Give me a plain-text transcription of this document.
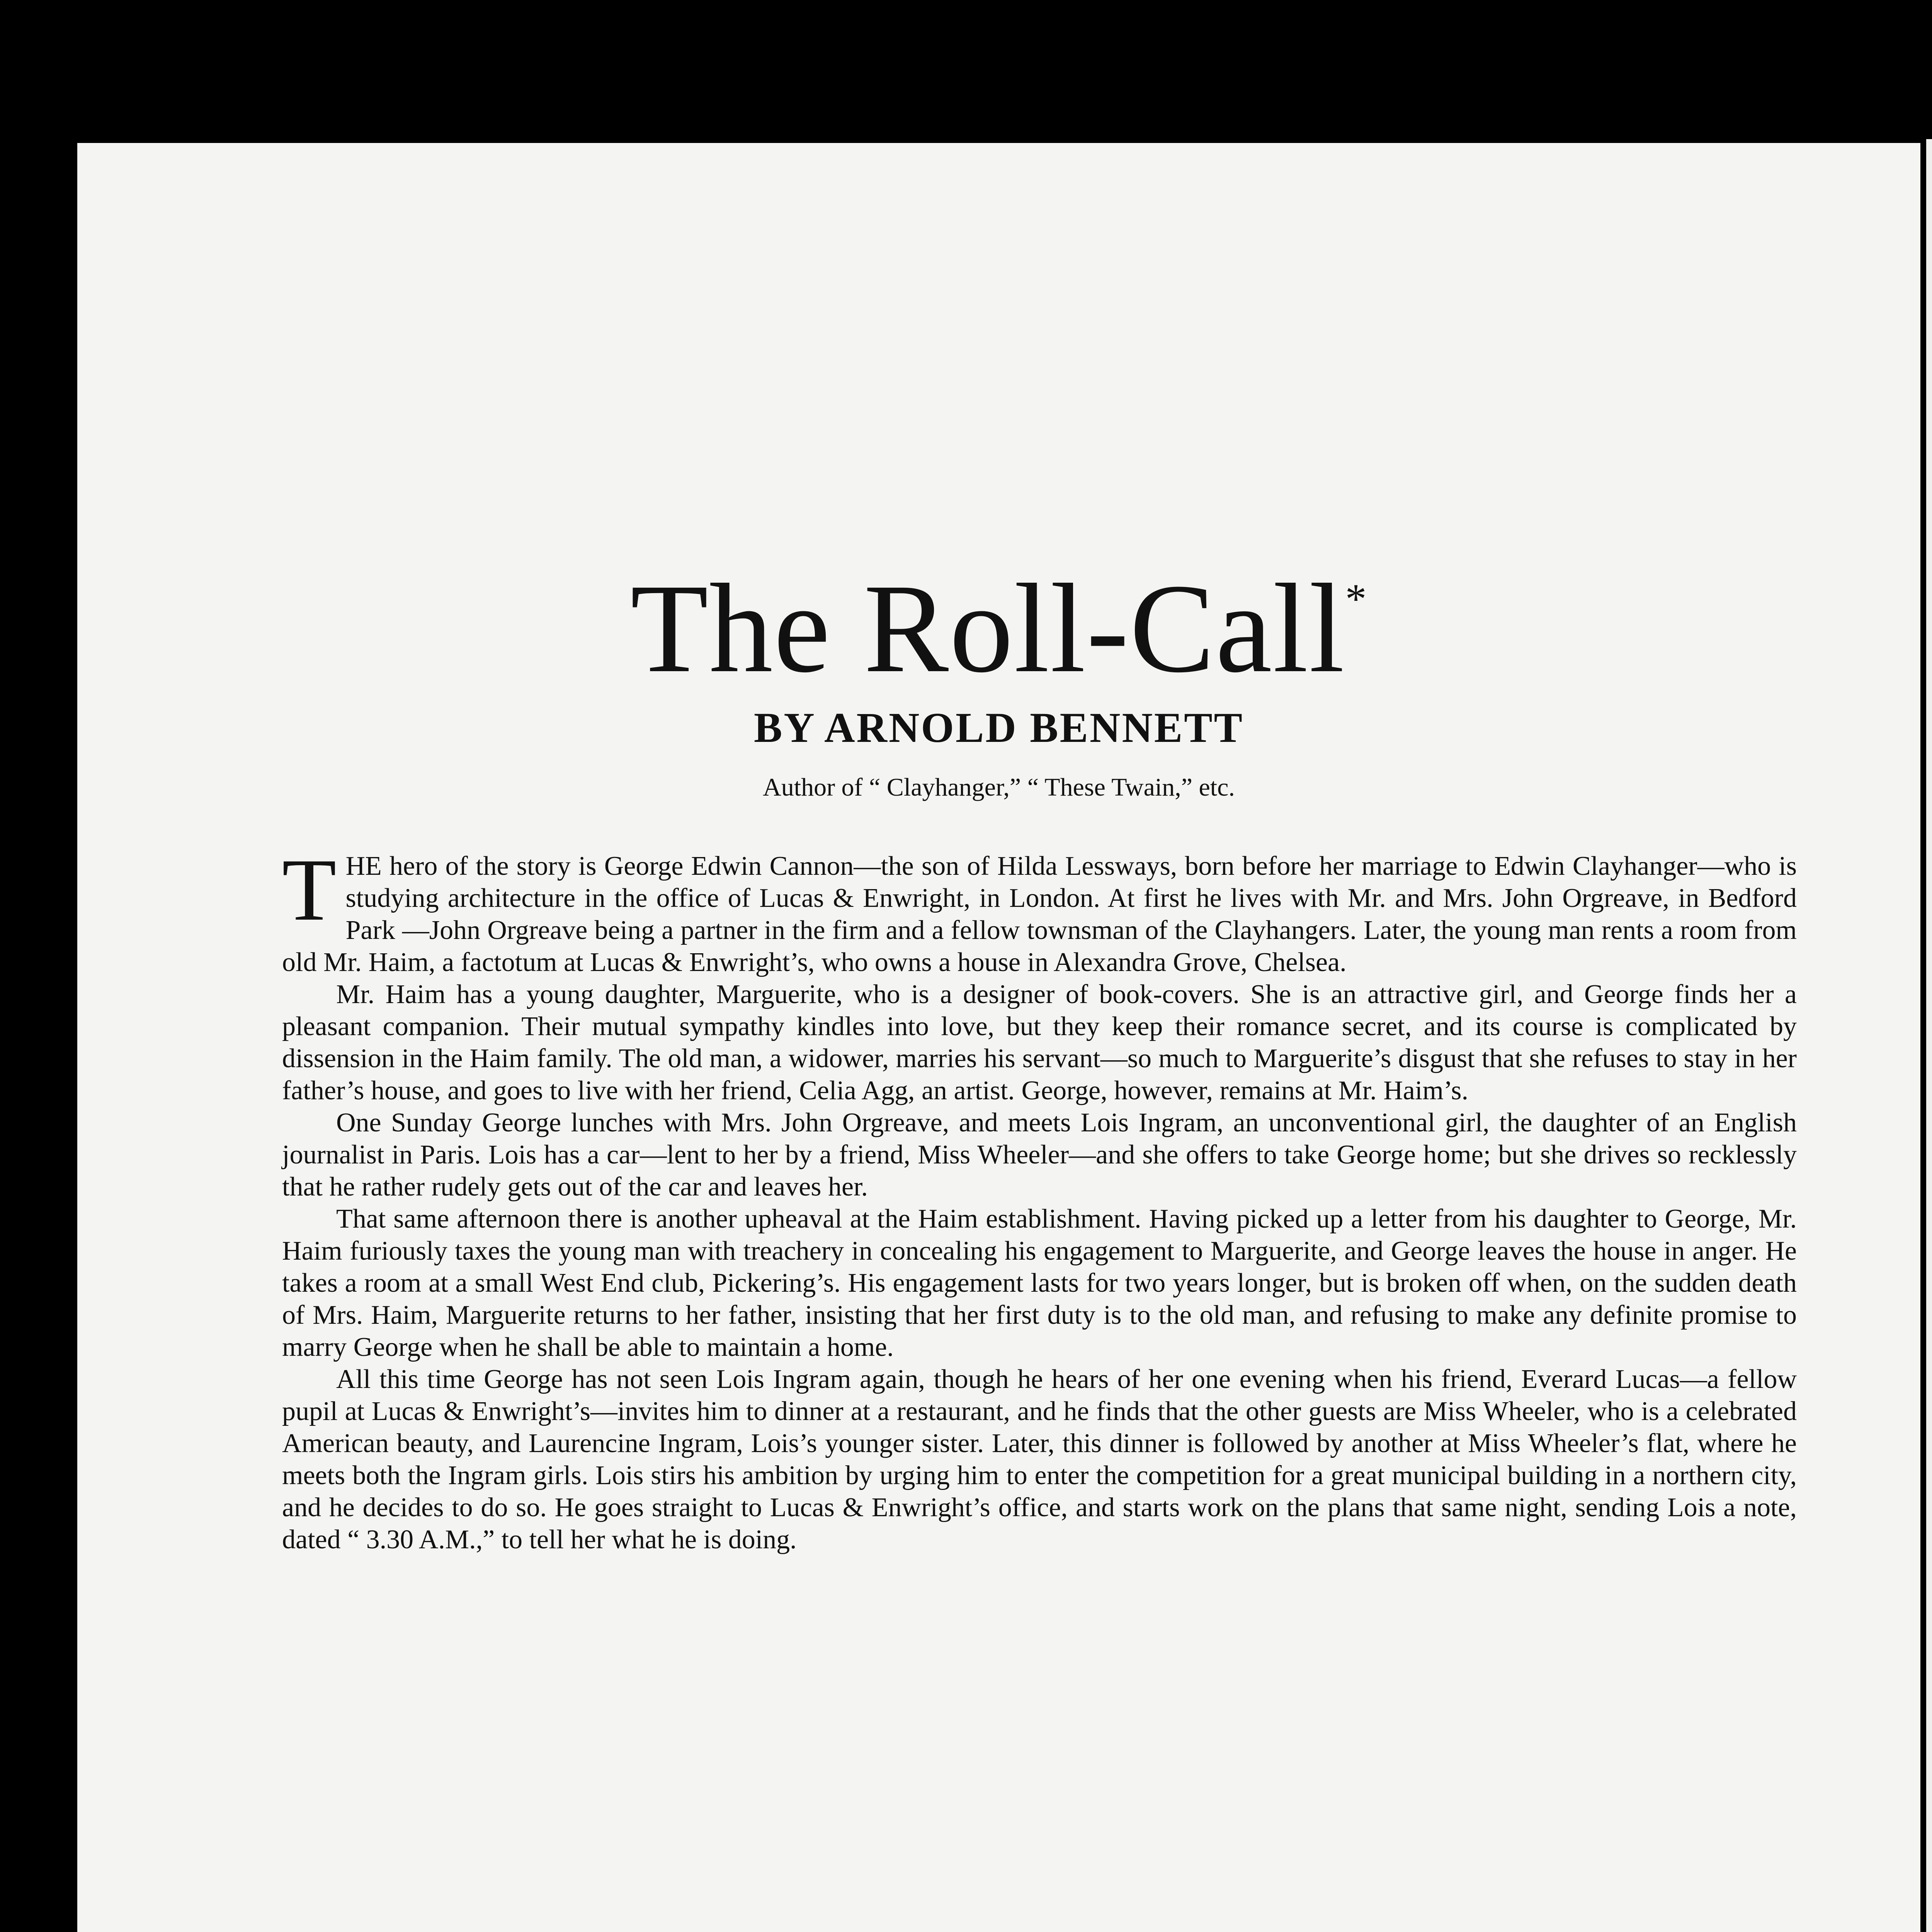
The Roll-Call*
BY ARNOLD BENNETT
Author of “ Clayhanger,” “ These Twain,” etc.

THE hero of the story is George Edwin Cannon—the son of Hilda Lessways, born before her marriage to Edwin Clayhanger—who is studying architecture in the office of Lucas & Enwright, in London. At first he lives with Mr. and Mrs. John Orgreave, in Bedford Park —John Orgreave being a partner in the firm and a fellow townsman of the Clayhangers. Later, the young man rents a room from old Mr. Haim, a factotum at Lucas & Enwright’s, who owns a house in Alexandra Grove, Chelsea.

Mr. Haim has a young daughter, Marguerite, who is a designer of book-covers. She is an attractive girl, and George finds her a pleasant companion. Their mutual sympathy kindles into love, but they keep their romance secret, and its course is complicated by dissension in the Haim family. The old man, a widower, marries his servant—so much to Marguerite’s disgust that she refuses to stay in her father’s house, and goes to live with her friend, Celia Agg, an artist. George, however, remains at Mr. Haim’s.

One Sunday George lunches with Mrs. John Orgreave, and meets Lois Ingram, an unconventional girl, the daughter of an English journalist in Paris. Lois has a car—lent to her by a friend, Miss Wheeler—and she offers to take George home; but she drives so recklessly that he rather rudely gets out of the car and leaves her.

That same afternoon there is another upheaval at the Haim establishment. Having picked up a letter from his daughter to George, Mr. Haim furiously taxes the young man with treachery in concealing his engagement to Marguerite, and George leaves the house in anger. He takes a room at a small West End club, Pickering’s. His engagement lasts for two years longer, but is broken off when, on the sudden death of Mrs. Haim, Marguerite returns to her father, insisting that her first duty is to the old man, and refusing to make any definite promise to marry George when he shall be able to maintain a home.

All this time George has not seen Lois Ingram again, though he hears of her one evening when his friend, Everard Lucas—a fellow pupil at Lucas & Enwright’s—invites him to dinner at a restaurant, and he finds that the other guests are Miss Wheeler, who is a celebrated American beauty, and Laurencine Ingram, Lois’s younger sister. Later, this dinner is followed by another at Miss Wheeler’s flat, where he meets both the Ingram girls. Lois stirs his ambition by urging him to enter the competition for a great municipal building in a northern city, and he decides to do so. He goes straight to Lucas & Enwright’s office, and starts work on the plans that same night, sending Lois a note, dated “ 3.30 A.M.,” to tell her what he is doing.
